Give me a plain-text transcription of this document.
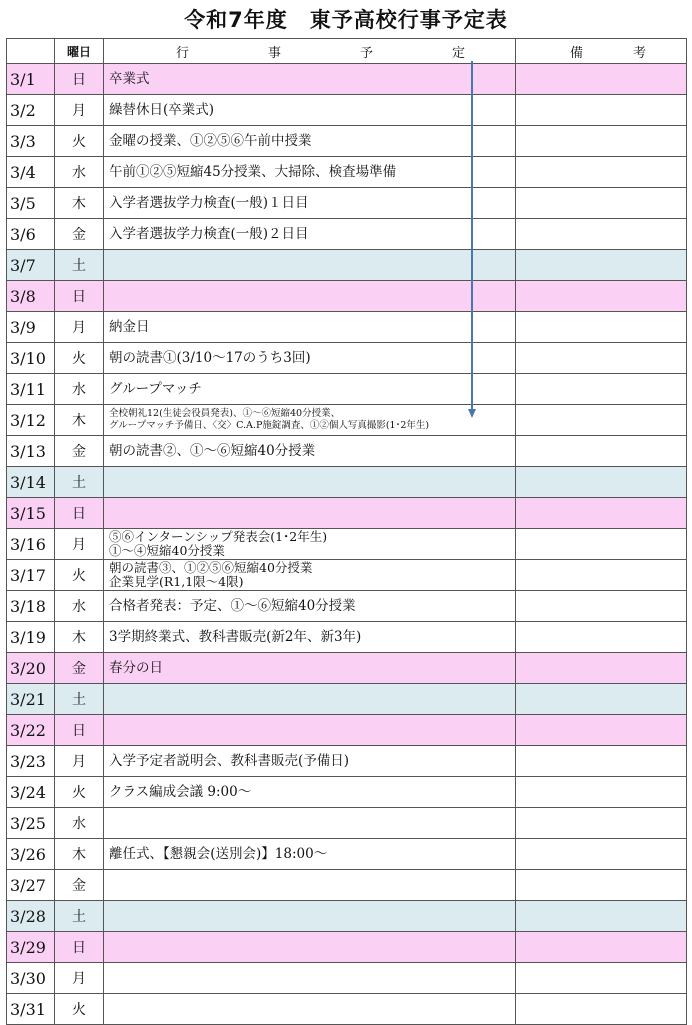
令和7年度　東予高校行事予定表
	曜日	行 事 予 定	備 考

3/1	日	卒業式	

3/2	月	繰替休日(卒業式)	

3/3	火	金曜の授業、①②⑤⑥午前中授業	

3/4	水	午前①②⑤短縮45分授業、大掃除、検査場準備	

3/5	木	入学者選抜学力検査(一般)１日目	

3/6	金	入学者選抜学力検査(一般)２日目	

3/7	土	

3/8	日	

3/9	月	納金日	

3/10	火	朝の読書①(3/10～17のうち3回)	

3/11	水	グループマッチ	

3/12	木	全校朝礼12(生徒会役員発表)、①～⑥短縮40分授業、
グループマッチ予備日、〈交〉C.A.P施錠調査、①②個人写真撮影(1･2年生)	

3/13	金	朝の読書②、①～⑥短縮40分授業	

3/14	土	

3/15	日	

3/16	月	⑤⑥インターンシップ発表会(1･2年生)
①～④短縮40分授業	

3/17	火	朝の読書③、①②⑤⑥短縮40分授業
企業見学(R1,1限～4限)	

3/18	水	合格者発表：予定、①～⑥短縮40分授業	

3/19	木	3学期終業式、教科書販売(新2年、新3年)	

3/20	金	春分の日	

3/21	土	

3/22	日	

3/23	月	入学予定者説明会、教科書販売(予備日)	

3/24	火	クラス編成会議 9:00～	

3/25	水	

3/26	木	離任式、【懇親会(送別会)】18:00～	

3/27	金	

3/28	土	

3/29	日	

3/30	月	

3/31	火	
